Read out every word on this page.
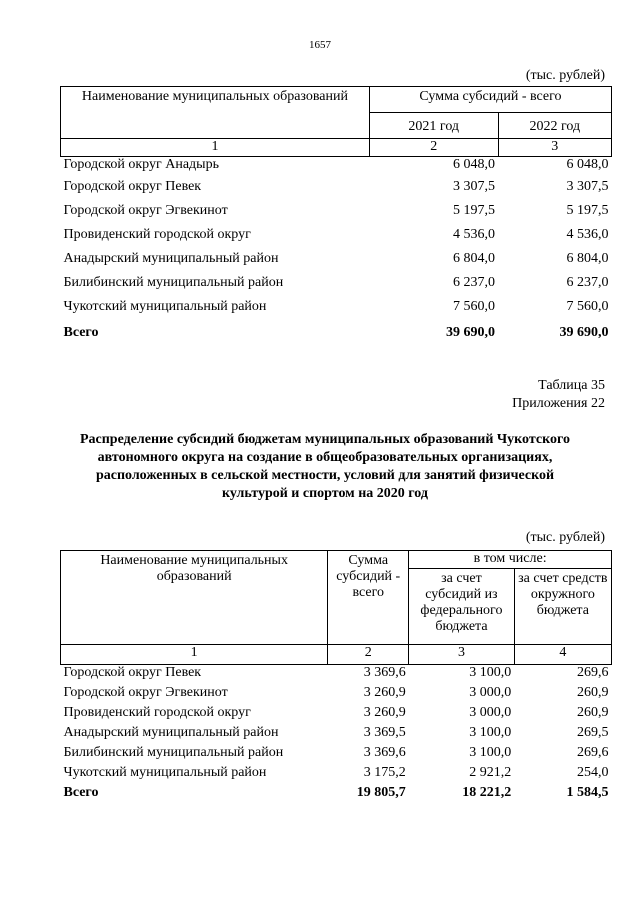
1657
(тыс. рублей)
Наименование муниципальных образований	Сумма субсидий - всего	
	2021 год	2022 год
1	2	3
Городской округ Анадырь	6 048,0	6 048,0
Городской округ Певек	3 307,5	3 307,5
Городской округ Эгвекинот	5 197,5	5 197,5
Провиденский городской округ	4 536,0	4 536,0
Анадырский муниципальный район	6 804,0	6 804,0
Билибинский муниципальный район	6 237,0	6 237,0
Чукотский муниципальный район	7 560,0	7 560,0
Всего	39 690,0	39 690,0
Таблица 35
Приложения 22
Распределение субсидий бюджетам муниципальных образований Чукотского
автономного округа на создание в общеобразовательных организациях,
расположенных в сельской местности, условий для занятий физической
культурой и спортом на 2020 год
(тыс. рублей)
Наименование муниципальных образований	Сумма субсидий - всего	в том числе:	
		за счет субсидий из федерального бюджета	за счет средств окружного бюджета
1	2	3	4
Городской округ Певек	3 369,6	3 100,0	269,6
Городской округ Эгвекинот	3 260,9	3 000,0	260,9
Провиденский городской округ	3 260,9	3 000,0	260,9
Анадырский муниципальный район	3 369,5	3 100,0	269,5
Билибинский муниципальный район	3 369,6	3 100,0	269,6
Чукотский муниципальный район	3 175,2	2 921,2	254,0
Всего	19 805,7	18 221,2	1 584,5
